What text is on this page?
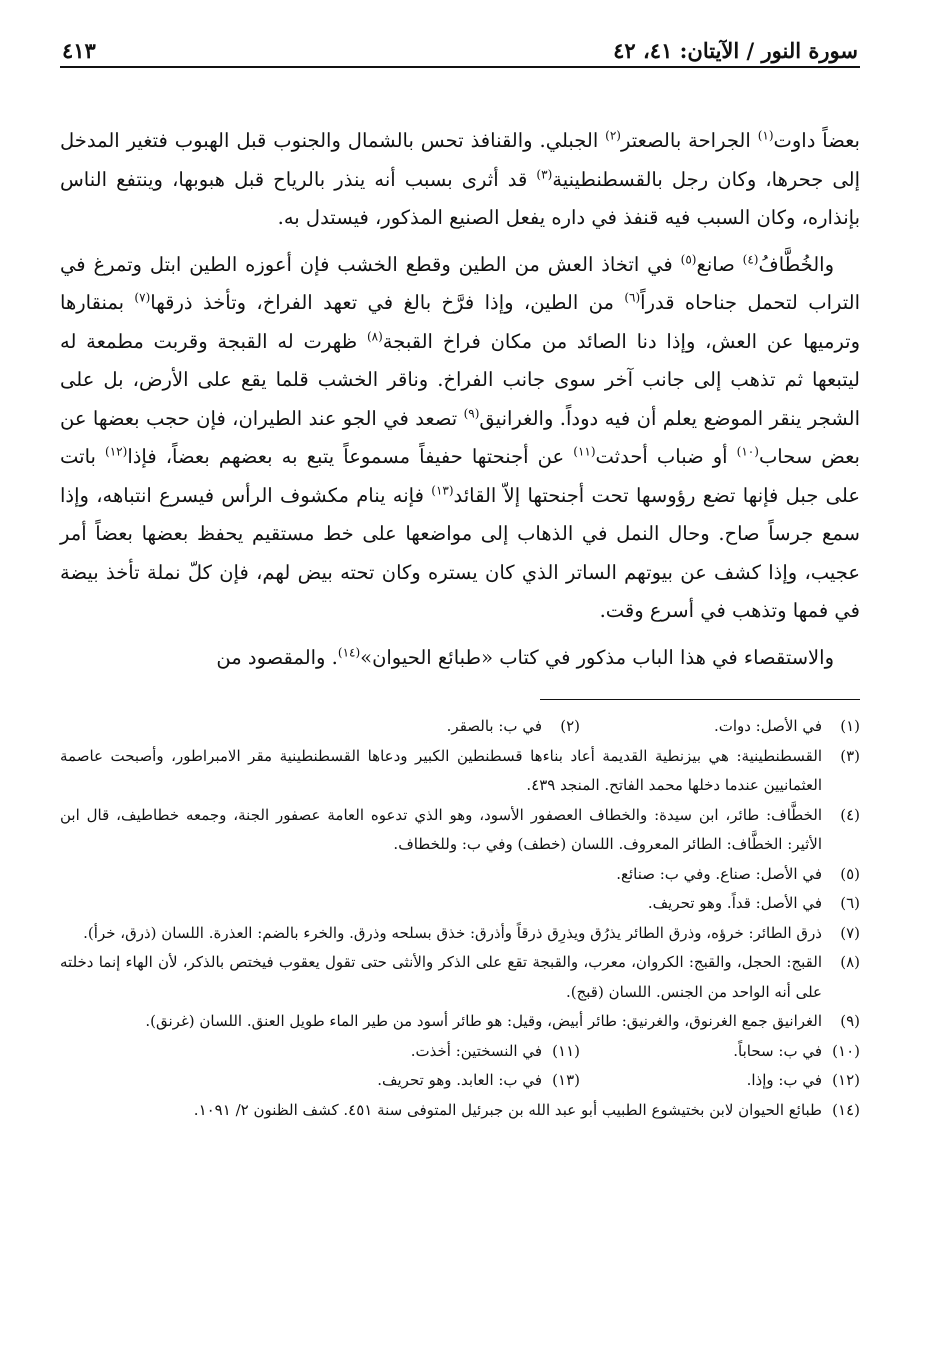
سورة النور / الآيتان: ٤١، ٤٢
٤١٣

بعضاً داوت$^{(١)}$ الجراحة بالصعتر$^{(٢)}$ الجبلي. والقنافذ تحس بالشمال والجنوب قبل الهبوب فتغير المدخل إلى جحرها، وكان رجل بالقسطنطينية$^{(٣)}$ قد أثرى بسبب أنه ينذر بالرياح قبل هبوبها، وينتفع الناس بإنذاره، وكان السبب فيه قنفذ في داره يفعل الصنيع المذكور، فيستدل به.

والخُطَّافُ$^{(٤)}$ صانع$^{(٥)}$ في اتخاذ العش من الطين وقطع الخشب فإن أعوزه الطين ابتل وتمرغ في التراب لتحمل جناحاه قدراً$^{(٦)}$ من الطين، وإذا فرَّخ بالغ في تعهد الفراخ، وتأخذ ذرقها$^{(٧)}$ بمنقارها وترميها عن العش، وإذا دنا الصائد من مكان فراخ القبجة$^{(٨)}$ ظهرت له القبجة وقربت مطمعة له ليتبعها ثم تذهب إلى جانب آخر سوى جانب الفراخ. وناقر الخشب قلما يقع على الأرض، بل على الشجر ينقر الموضع يعلم أن فيه دوداً. والغرانيق$^{(٩)}$ تصعد في الجو عند الطيران، فإن حجب بعضها عن بعض سحاب$^{(١٠)}$ أو ضباب أحدثت$^{(١١)}$ عن أجنحتها حفيفاً مسموعاً يتبع به بعضهم بعضاً، فإذا$^{(١٢)}$ باتت على جبل فإنها تضع رؤوسها تحت أجنحتها إلاّ القائد$^{(١٣)}$ فإنه ينام مكشوف الرأس فيسرع انتباهه، وإذا سمع جرساً صاح. وحال النمل في الذهاب إلى مواضعها على خط مستقيم يحفظ بعضها بعضاً أمر عجيب، وإذا كشف عن بيوتهم الساتر الذي كان يستره وكان تحته بيض لهم، فإن كلّ نملة تأخذ بيضة في فمها وتذهب في أسرع وقت.

والاستقصاء في هذا الباب مذكور في كتاب «طبائع الحيوان»$^{(١٤)}$. والمقصود من

(١)
في الأصل: دوات.
(٢)
في ب: بالصقر.
(٣)
القسطنطينية: هي بيزنطية القديمة أعاد بناءها قسطنطين الكبير ودعاها القسطنطينية مقر الامبراطور، وأصبحت عاصمة العثمانيين عندما دخلها محمد الفاتح. المنجد ٤٣٩.
(٤)
الخطَّاف: طائر، ابن سيدة: والخطاف العصفور الأسود، وهو الذي تدعوه العامة عصفور الجنة، وجمعه خطاطيف، قال ابن الأثير: الخطَّاف: الطائر المعروف. اللسان (خطف) وفي ب: وللخطاف.
(٥)
في الأصل: صناع. وفي ب: صنائع.
(٦)
في الأصل: قداً. وهو تحريف.
(٧)
ذرق الطائر: خرؤه، وذرق الطائر يذرُق ويذرِق ذرقاً وأذرق: خذق بسلحه وذرق. والخرء بالضم: العذرة. اللسان (ذرق، خرأ).
(٨)
القبج: الحجل، والقبج: الكروان، معرب، والقبجة تقع على الذكر والأنثى حتى تقول يعقوب فيختص بالذكر، لأن الهاء إنما دخلته على أنه الواحد من الجنس. اللسان (قبج).
(٩)
الغرانيق جمع الغرنوق، والغرنيق: طائر أبيض، وقيل: هو طائر أسود من طير الماء طويل العنق. اللسان (غرنق).
(١٠)
في ب: سحاباً.
(١١)
في النسختين: أخذت.
(١٢)
في ب: وإذا.
(١٣)
في ب: العابد. وهو تحريف.
(١٤)
طبائع الحيوان لابن بختيشوع الطبيب أبو عبد الله بن جبرئيل المتوفى سنة ٤٥١. كشف الظنون ٢/ ١٠٩١.
